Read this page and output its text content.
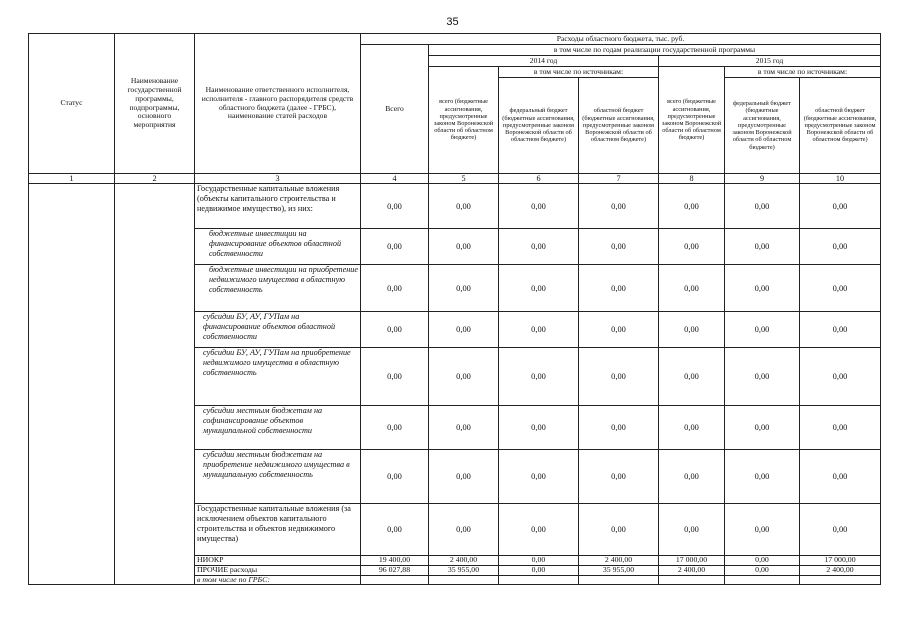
35
Статус	Наименование государственной программы, подпрограммы, основного мероприятия	Наименование ответственного исполнителя, исполнителя - главного распорядителя средств областного бюджета (далее - ГРБС), наименование статей расходов	Расходы областного бюджета, тыс. руб.						
			Всего	в том числе по годам реализации государственной программы					
				2014 год			2015 год		
				всего (бюджетные ассигнования, предусмотренные законом Воронежской области об областном бюджете)	в том числе по источникам:		всего (бюджетные ассигнования, предусмотренные законом Воронежской области об областном бюджете)	в том числе по источникам:	
					федеральный бюджет (бюджетные ассигнования, предусмотренные законом Воронежской области об областном бюджете)	областной бюджет (бюджетные ассигнования, предусмотренные законом Воронежской области об областном бюджете)		федеральный бюджет (бюджетные ассигнования, предусмотренные законом Воронежской области об областном бюджете)	областной бюджет (бюджетные ассигнования, предусмотренные законом Воронежской области об областном бюджете)
1	2	3	4	5	6	7	8	9	10
		Государственные капитальные вложения (объекты капитального строительства и недвижимое имущество), из них:	0,00	0,00	0,00	0,00	0,00	0,00	0,00
		бюджетные инвестиции на финансирование объектов областной собственности	0,00	0,00	0,00	0,00	0,00	0,00	0,00
		бюджетные инвестиции на приобретение недвижимого имущества в областную собственность	0,00	0,00	0,00	0,00	0,00	0,00	0,00
		субсидии БУ, АУ, ГУПам на финансирование объектов областной собственности	0,00	0,00	0,00	0,00	0,00	0,00	0,00
		субсидии БУ, АУ, ГУПам на приобретение недвижимого имущества в областную собственность	0,00	0,00	0,00	0,00	0,00	0,00	0,00
		субсидии местным бюджетам на софинансирование объектов муниципальной собственности	0,00	0,00	0,00	0,00	0,00	0,00	0,00
		субсидии местным бюджетам на приобретение недвижимого имущества в муниципальную собственность	0,00	0,00	0,00	0,00	0,00	0,00	0,00
		Государственные капитальные вложения (за исключением объектов капитального строительства и объектов недвижимого имущества)	0,00	0,00	0,00	0,00	0,00	0,00	0,00
		НИОКР	19 400,00	2 400,00	0,00	2 400,00	17 000,00	0,00	17 000,00
		ПРОЧИЕ расходы	96 027,88	35 955,00	0,00	35 955,00	2 400,00	0,00	2 400,00
		в том числе по ГРБС:							
